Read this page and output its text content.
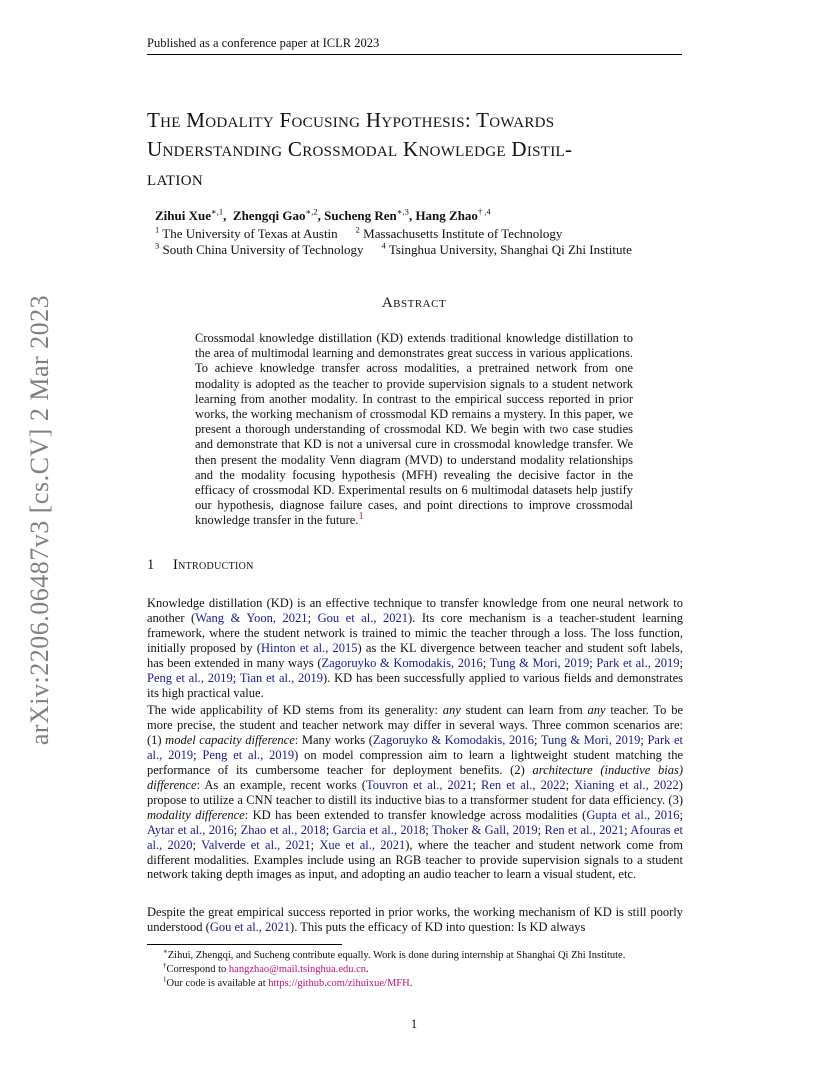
Published as a conference paper at ICLR 2023
arXiv:2206.06487v3 [cs.CV] 2 Mar 2023
The Modality Focusing Hypothesis: Towards
Understanding Crossmodal Knowledge Distil-
lation
Zihui Xue$^{∗,1}$,  Zhengqi Gao$^{∗,2}$, Sucheng Ren$^{∗,3}$, Hang Zhao$^{\dagger ,4}$
$^1$ The University of Texas at Austin $^2$ Massachusetts Institute of Technology
$^3$ South China University of Technology $^4$ Tsinghua University, Shanghai Qi Zhi Institute
Abstract
Crossmodal knowledge distillation (KD) extends traditional knowledge distillation to the area of multimodal learning and demonstrates great success in various applications. To achieve knowledge transfer across modalities, a pretrained network from one modality is adopted as the teacher to provide supervision signals to a student network learning from another modality. In contrast to the empirical success reported in prior works, the working mechanism of crossmodal KD remains a mystery. In this paper, we present a thorough understanding of crossmodal KD. We begin with two case studies and demonstrate that KD is not a universal cure in crossmodal knowledge transfer. We then present the modality Venn diagram (MVD) to understand modality relationships and the modality focusing hypothesis (MFH) revealing the decisive factor in the efficacy of crossmodal KD. Experimental results on 6 multimodal datasets help justify our hypothesis, diagnose failure cases, and point directions to improve crossmodal knowledge transfer in the future.$^1$
1 Introduction
Knowledge distillation (KD) is an effective technique to transfer knowledge from one neural network to another (Wang & Yoon, 2021; Gou et al., 2021). Its core mechanism is a teacher-student learning framework, where the student network is trained to mimic the teacher through a loss. The loss function, initially proposed by (Hinton et al., 2015) as the KL divergence between teacher and student soft labels, has been extended in many ways (Zagoruyko & Komodakis, 2016; Tung & Mori, 2019; Park et al., 2019; Peng et al., 2019; Tian et al., 2019). KD has been successfully applied to various fields and demonstrates its high practical value.
The wide applicability of KD stems from its generality: any student can learn from any teacher. To be more precise, the student and teacher network may differ in several ways. Three common scenarios are: (1) model capacity difference: Many works (Zagoruyko & Komodakis, 2016; Tung & Mori, 2019; Park et al., 2019; Peng et al., 2019) on model compression aim to learn a lightweight student matching the performance of its cumbersome teacher for deployment benefits. (2) architecture (inductive bias) difference: As an example, recent works (Touvron et al., 2021; Ren et al., 2022; Xianing et al., 2022) propose to utilize a CNN teacher to distill its inductive bias to a transformer student for data efficiency. (3) modality difference: KD has been extended to transfer knowledge across modalities (Gupta et al., 2016; Aytar et al., 2016; Zhao et al., 2018; Garcia et al., 2018; Thoker & Gall, 2019; Ren et al., 2021; Afouras et al., 2020; Valverde et al., 2021; Xue et al., 2021), where the teacher and student network come from different modalities. Examples include using an RGB teacher to provide supervision signals to a student network taking depth images as input, and adopting an audio teacher to learn a visual student, etc.
Despite the great empirical success reported in prior works, the working mechanism of KD is still poorly understood (Gou et al., 2021). This puts the efficacy of KD into question: Is KD always
∗Zihui, Zhengqi, and Sucheng contribute equally. Work is done during internship at Shanghai Qi Zhi Institute.
†Correspond to hangzhao@mail.tsinghua.edu.cn.
$^1$Our code is available at https://github.com/zihuixue/MFH.
1
